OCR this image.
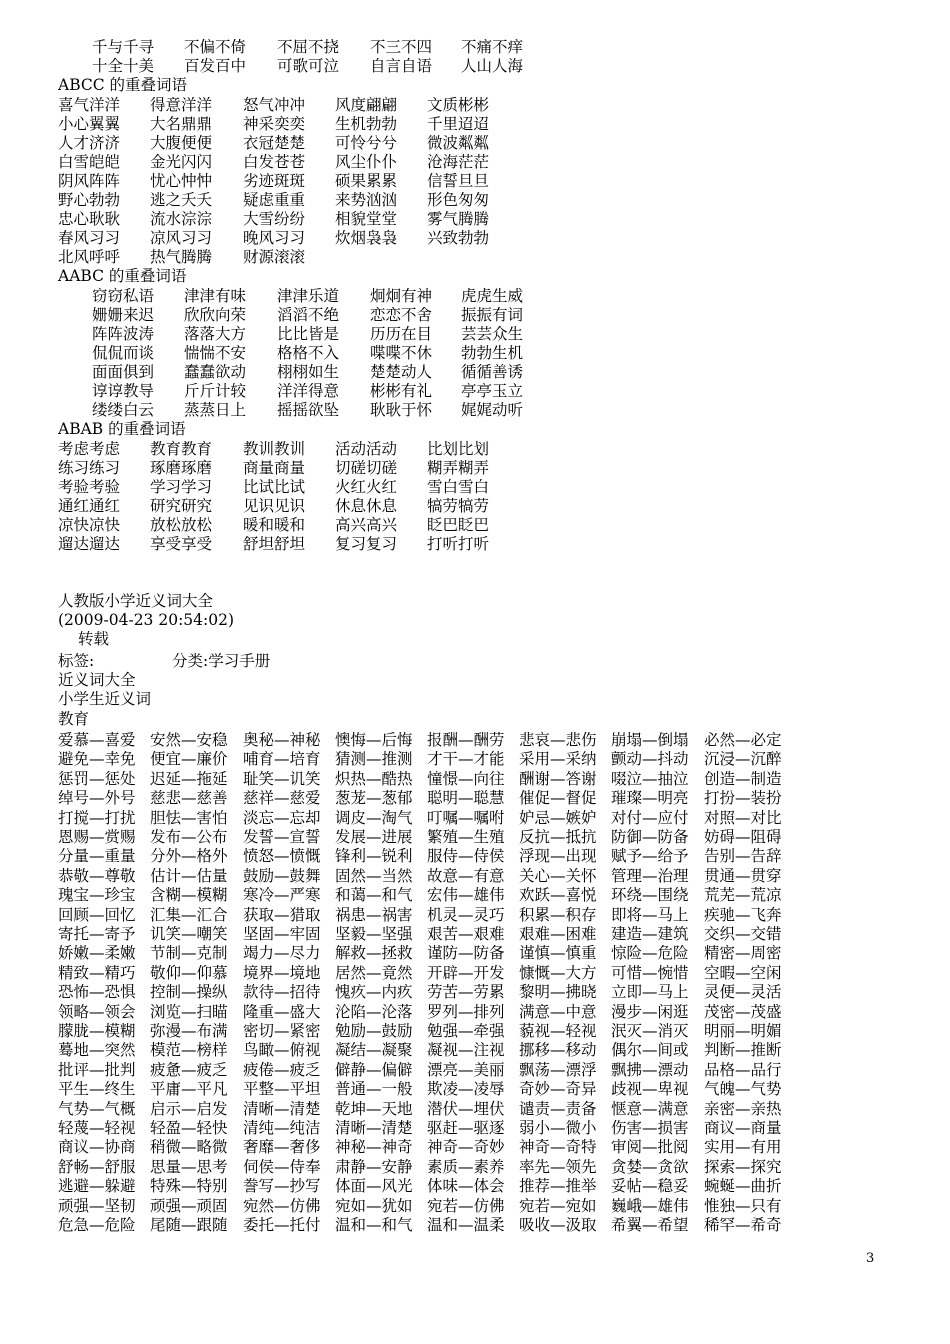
千与千寻 不偏不倚 不屈不挠 不三不四 不痛不痒
十全十美 百发百中 可歌可泣 自言自语 人山人海
ABCC 的重叠词语
喜气洋洋 得意洋洋 怒气冲冲 风度翩翩 文质彬彬
小心翼翼 大名鼎鼎 神采奕奕 生机勃勃 千里迢迢
人才济济 大腹便便 衣冠楚楚 可怜兮兮 微波粼粼
白雪皑皑 金光闪闪 白发苍苍 风尘仆仆 沧海茫茫
阴风阵阵 忧心忡忡 劣迹斑斑 硕果累累 信誓旦旦
野心勃勃 逃之夭夭 疑虑重重 来势汹汹 形色匆匆
忠心耿耿 流水淙淙 大雪纷纷 相貌堂堂 雾气腾腾
春风习习 凉风习习 晚风习习 炊烟袅袅 兴致勃勃
北风呼呼 热气腾腾 财源滚滚
AABC 的重叠词语
窃窃私语 津津有味 津津乐道 炯炯有神 虎虎生威
姗姗来迟 欣欣向荣 滔滔不绝 恋恋不舍 振振有词
阵阵波涛 落落大方 比比皆是 历历在目 芸芸众生
侃侃而谈 惴惴不安 格格不入 喋喋不休 勃勃生机
面面俱到 蠢蠢欲动 栩栩如生 楚楚动人 循循善诱
谆谆教导 斤斤计较 洋洋得意 彬彬有礼 亭亭玉立
缕缕白云 蒸蒸日上 摇摇欲坠 耿耿于怀 娓娓动听
ABAB 的重叠词语
考虑考虑 教育教育 教训教训 活动活动 比划比划
练习练习 琢磨琢磨 商量商量 切磋切磋 糊弄糊弄
考验考验 学习学习 比试比试 火红火红 雪白雪白
通红通红 研究研究 见识见识 休息休息 犒劳犒劳
凉快凉快 放松放松 暖和暖和 高兴高兴 眨巴眨巴
遛达遛达 享受享受 舒坦舒坦 复习复习 打听打听
人教版小学近义词大全
(2009-04-23 20:54:02)
转载
标签:	分类:学习手册
近义词大全
小学生近义词
教育
爱慕—喜爱 安然—安稳 奥秘—神秘 懊悔—后悔 报酬—酬劳 悲哀—悲伤 崩塌—倒塌 必然—必定
避免—幸免 便宜—廉价 哺育—培育 猜测—推测 才干—才能 采用—采纳 颤动—抖动 沉浸—沉醉
惩罚—惩处 迟延—拖延 耻笑—讥笑 炽热—酷热 憧憬—向往 酬谢—答谢 啜泣—抽泣 创造—制造
绰号—外号 慈悲—慈善 慈祥—慈爱 葱茏—葱郁 聪明—聪慧 催促—督促 璀璨—明亮 打扮—装扮
打搅—打扰 胆怯—害怕 淡忘—忘却 调皮—淘气 叮嘱—嘱咐 妒忌—嫉妒 对付—应付 对照—对比
恩赐—赏赐 发布—公布 发誓—宣誓 发展—进展 繁殖—生殖 反抗—抵抗 防御—防备 妨碍—阻碍
分量—重量 分外—格外 愤怒—愤慨 锋利—锐利 服侍—侍侯 浮现—出现 赋予—给予 告别—告辞
恭敬—尊敬 估计—估量 鼓励—鼓舞 固然—当然 故意—有意 关心—关怀 管理—治理 贯通—贯穿
瑰宝—珍宝 含糊—模糊 寒冷—严寒 和蔼—和气 宏伟—雄伟 欢跃—喜悦 环绕—围绕 荒芜—荒凉
回顾—回忆 汇集—汇合 获取—猎取 祸患—祸害 机灵—灵巧 积累—积存 即将—马上 疾驰—飞奔
寄托—寄予 讥笑—嘲笑 坚固—牢固 坚毅—坚强 艰苦—艰难 艰难—困难 建造—建筑 交织—交错
娇嫩—柔嫩 节制—克制 竭力—尽力 解救—拯救 谨防—防备 谨慎—慎重 惊险—危险 精密—周密
精致—精巧 敬仰—仰慕 境界—境地 居然—竟然 开辟—开发 慷慨—大方 可惜—惋惜 空暇—空闲
恐怖—恐惧 控制—操纵 款待—招待 愧疚—内疚 劳苦—劳累 黎明—拂晓 立即—马上 灵便—灵活
领略—领会 浏览—扫瞄 隆重—盛大 沦陷—沦落 罗列—排列 满意—中意 漫步—闲逛 茂密—茂盛
朦胧—模糊 弥漫—布满 密切—紧密 勉励—鼓励 勉强—牵强 藐视—轻视 泯灭—消灭 明丽—明媚
蓦地—突然 模范—榜样 鸟瞰—俯视 凝结—凝聚 凝视—注视 挪移—移动 偶尔—间或 判断—推断
批评—批判 疲惫—疲乏 疲倦—疲乏 僻静—偏僻 漂亮—美丽 飘荡—漂浮 飘拂—漂动 品格—品行
平生—终生 平庸—平凡 平整—平坦 普通—一般 欺凌—凌辱 奇妙—奇异 歧视—卑视 气魄—气势
气势—气概 启示—启发 清晰—清楚 乾坤—天地 潜伏—埋伏 谴责—责备 惬意—满意 亲密—亲热
轻蔑—轻视 轻盈—轻快 清纯—纯洁 清晰—清楚 驱赶—驱逐 弱小—微小 伤害—损害 商议—商量
商议—协商 稍微—略微 奢靡—奢侈 神秘—神奇 神奇—奇妙 神奇—奇特 审阅—批阅 实用—有用
舒畅—舒服 思量—思考 伺侯—侍奉 肃静—安静 素质—素养 率先—领先 贪婪—贪欲 探索—探究
逃避—躲避 特殊—特别 誊写—抄写 体面—风光 体味—体会 推荐—推举 妥帖—稳妥 蜿蜒—曲折
顽强—坚韧 顽强—顽固 宛然—仿佛 宛如—犹如 宛若—仿佛 宛若—宛如 巍峨—雄伟 惟独—只有
危急—危险 尾随—跟随 委托—托付 温和—和气 温和—温柔 吸收—汲取 希翼—希望 稀罕—希奇
3
